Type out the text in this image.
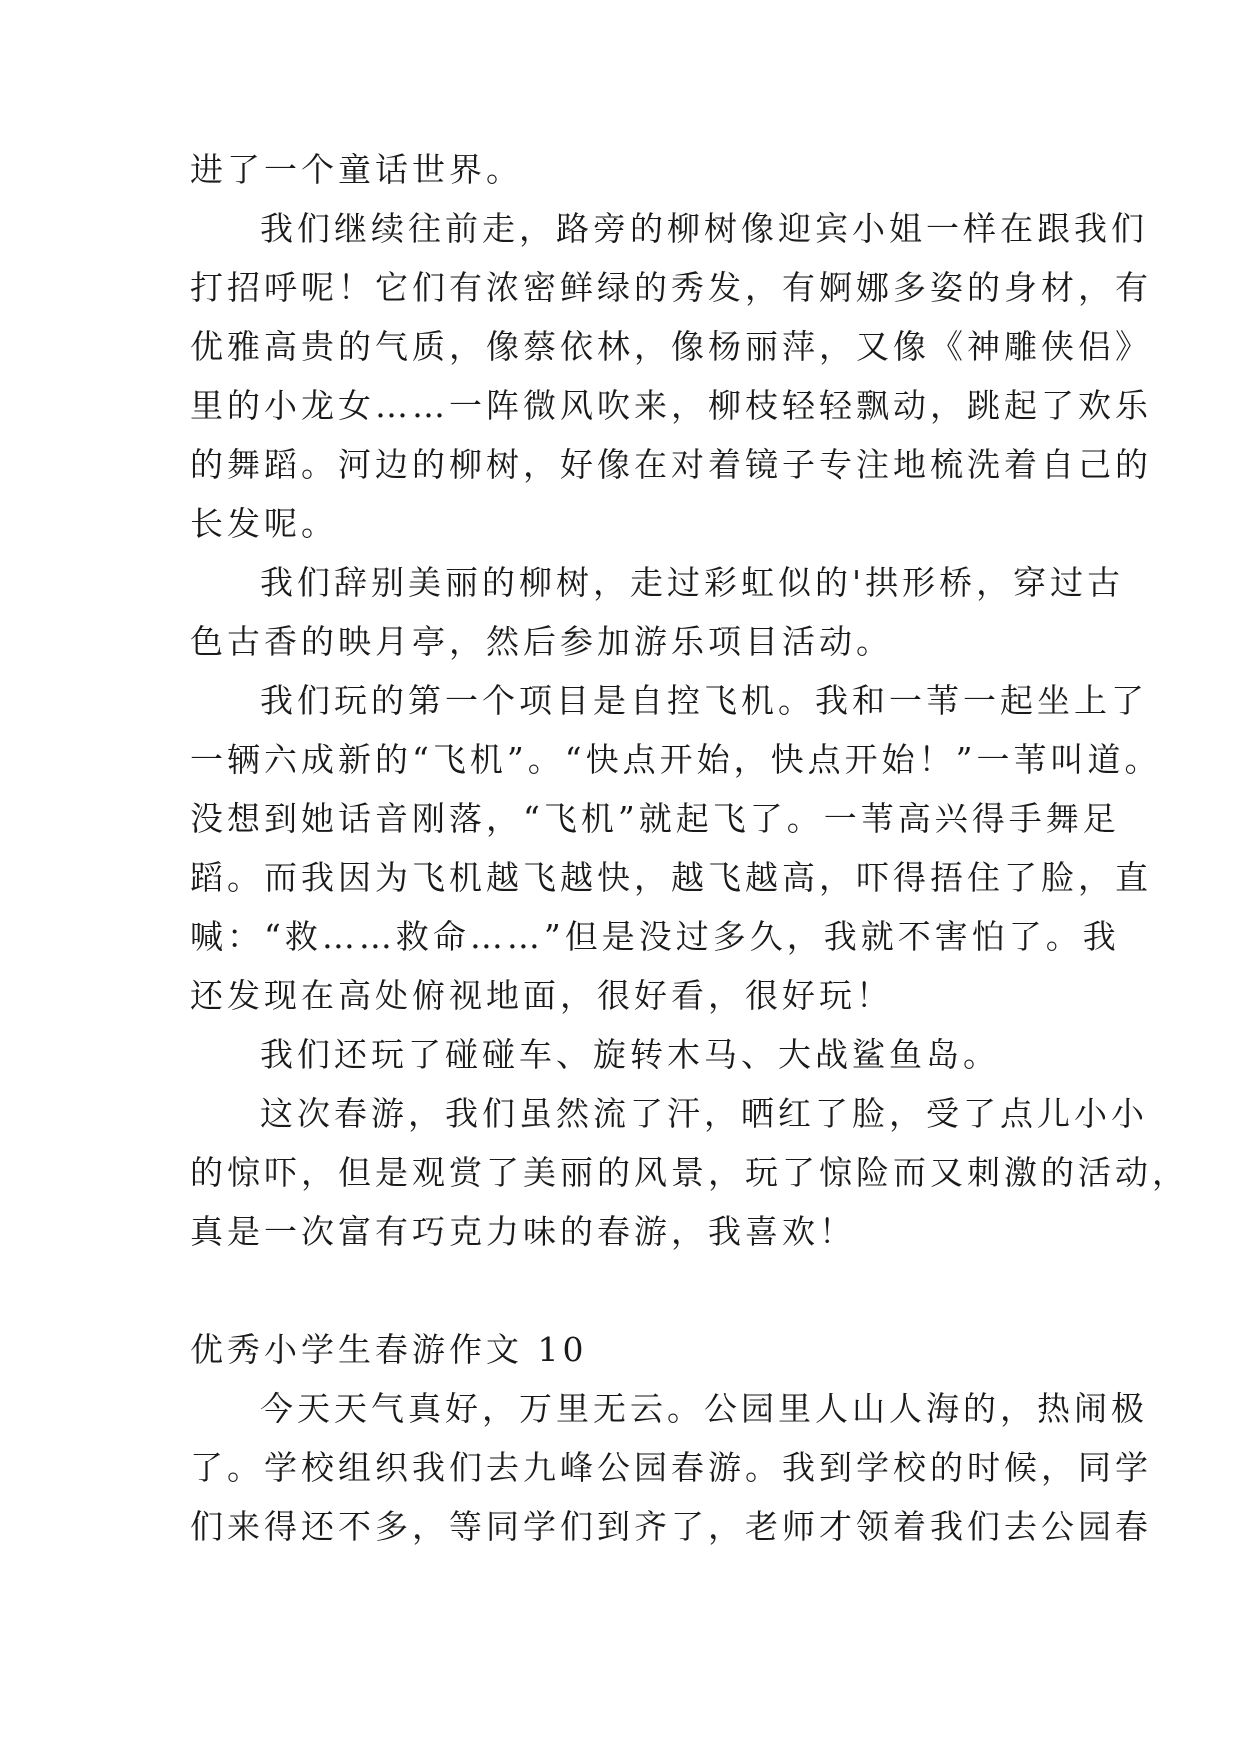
进了一个童话世界。
我们继续往前走，路旁的柳树像迎宾小姐一样在跟我们
打招呼呢！它们有浓密鲜绿的秀发，有婀娜多姿的身材，有
优雅高贵的气质，像蔡依林，像杨丽萍，又像《神雕侠侣》
里的小龙女……一阵微风吹来，柳枝轻轻飘动，跳起了欢乐
的舞蹈。河边的柳树，好像在对着镜子专注地梳洗着自己的
长发呢。
我们辞别美丽的柳树，走过彩虹似的'拱形桥，穿过古
色古香的映月亭，然后参加游乐项目活动。
我们玩的第一个项目是自控飞机。我和一苇一起坐上了
一辆六成新的“飞机”。“快点开始，快点开始！”一苇叫道。
没想到她话音刚落，“飞机”就起飞了。一苇高兴得手舞足
蹈。而我因为飞机越飞越快，越飞越高，吓得捂住了脸，直
喊：“救……救命……”但是没过多久，我就不害怕了。我
还发现在高处俯视地面，很好看，很好玩！
我们还玩了碰碰车、旋转木马、大战鲨鱼岛。
这次春游，我们虽然流了汗，晒红了脸，受了点儿小小
的惊吓，但是观赏了美丽的风景，玩了惊险而又刺激的活动，
真是一次富有巧克力味的春游，我喜欢！
优秀小学生春游作文 10
今天天气真好，万里无云。公园里人山人海的，热闹极
了。学校组织我们去九峰公园春游。我到学校的时候，同学
们来得还不多，等同学们到齐了，老师才领着我们去公园春
